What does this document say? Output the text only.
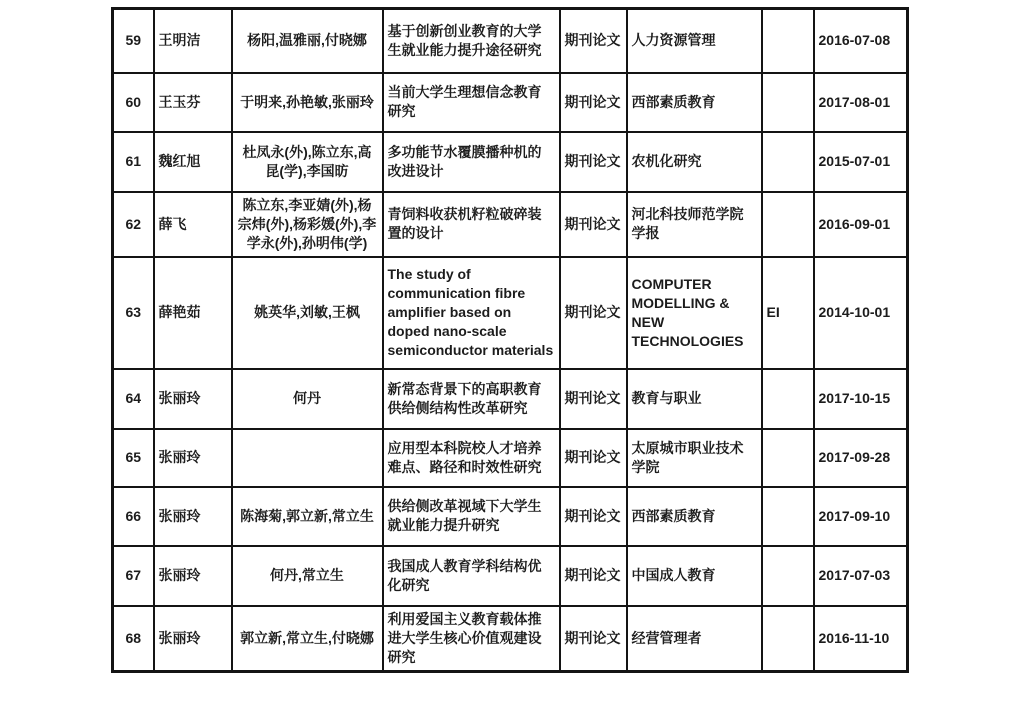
59	王明洁	杨阳,温雅丽,付晓娜	基于创新创业教育的大学生就业能力提升途径研究	期刊论文	人力资源管理		2016-07-08
60	王玉芬	于明来,孙艳敏,张丽玲	当前大学生理想信念教育研究	期刊论文	西部素质教育		2017-08-01
61	魏红旭	杜凤永(外),陈立东,高昆(学),李国昉	多功能节水覆膜播种机的改进设计	期刊论文	农机化研究		2015-07-01
62	薛飞	陈立东,李亚婧(外),杨宗炜(外),杨彩媛(外),李学永(外),孙明伟(学)	青饲料收获机籽粒破碎装置的设计	期刊论文	河北科技师范学院学报		2016-09-01
63	薛艳茹	姚英华,刘敏,王枫	The study of communication fibre amplifier based on doped nano-scale semiconductor materials	期刊论文	COMPUTER MODELLING & NEW TECHNOLOGIES	EI	2014-10-01
64	张丽玲	何丹	新常态背景下的高职教育供给侧结构性改革研究	期刊论文	教育与职业		2017-10-15
65	张丽玲		应用型本科院校人才培养难点、路径和时效性研究	期刊论文	太原城市职业技术学院		2017-09-28
66	张丽玲	陈海菊,郭立新,常立生	供给侧改革视域下大学生就业能力提升研究	期刊论文	西部素质教育		2017-09-10
67	张丽玲	何丹,常立生	我国成人教育学科结构优化研究	期刊论文	中国成人教育		2017-07-03
68	张丽玲	郭立新,常立生,付晓娜	利用爱国主义教育载体推进大学生核心价值观建设研究	期刊论文	经营管理者		2016-11-10
